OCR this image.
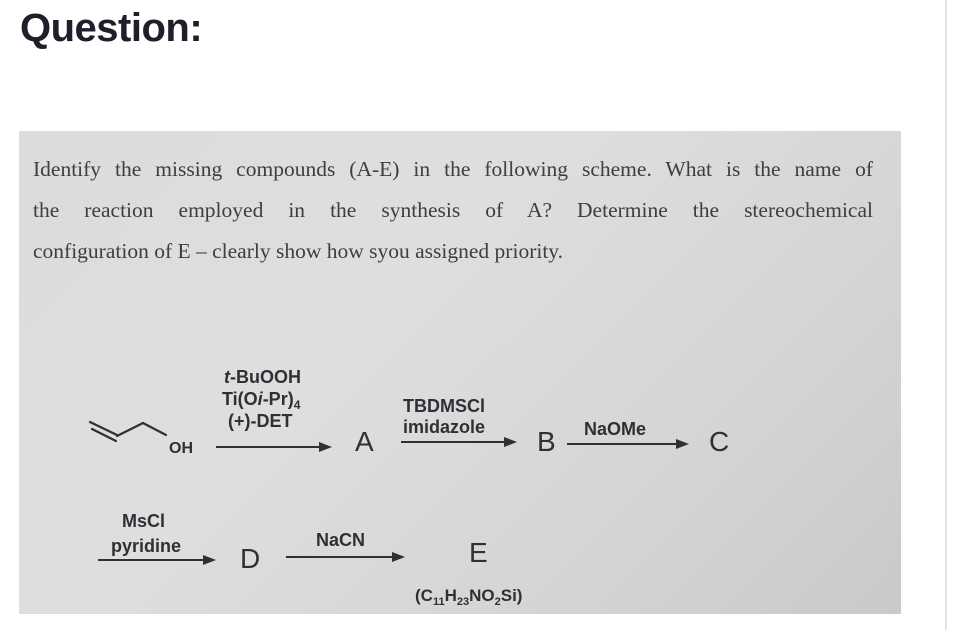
Question:

Identify the missing compounds (A-E) in the following scheme. What is the name of
the reaction employed in the synthesis of A? Determine the stereochemical
configuration of E – clearly show how syou assigned priority.

OH
t-BuOOH
$Ti(Oi-Pr)_4$
(+)-DET
A
TBDMSCl
imidazole B NaOMe C
MsCl
pyridine D
NaCN	E
$(C_{11}H_{23}NO_2Si)$
